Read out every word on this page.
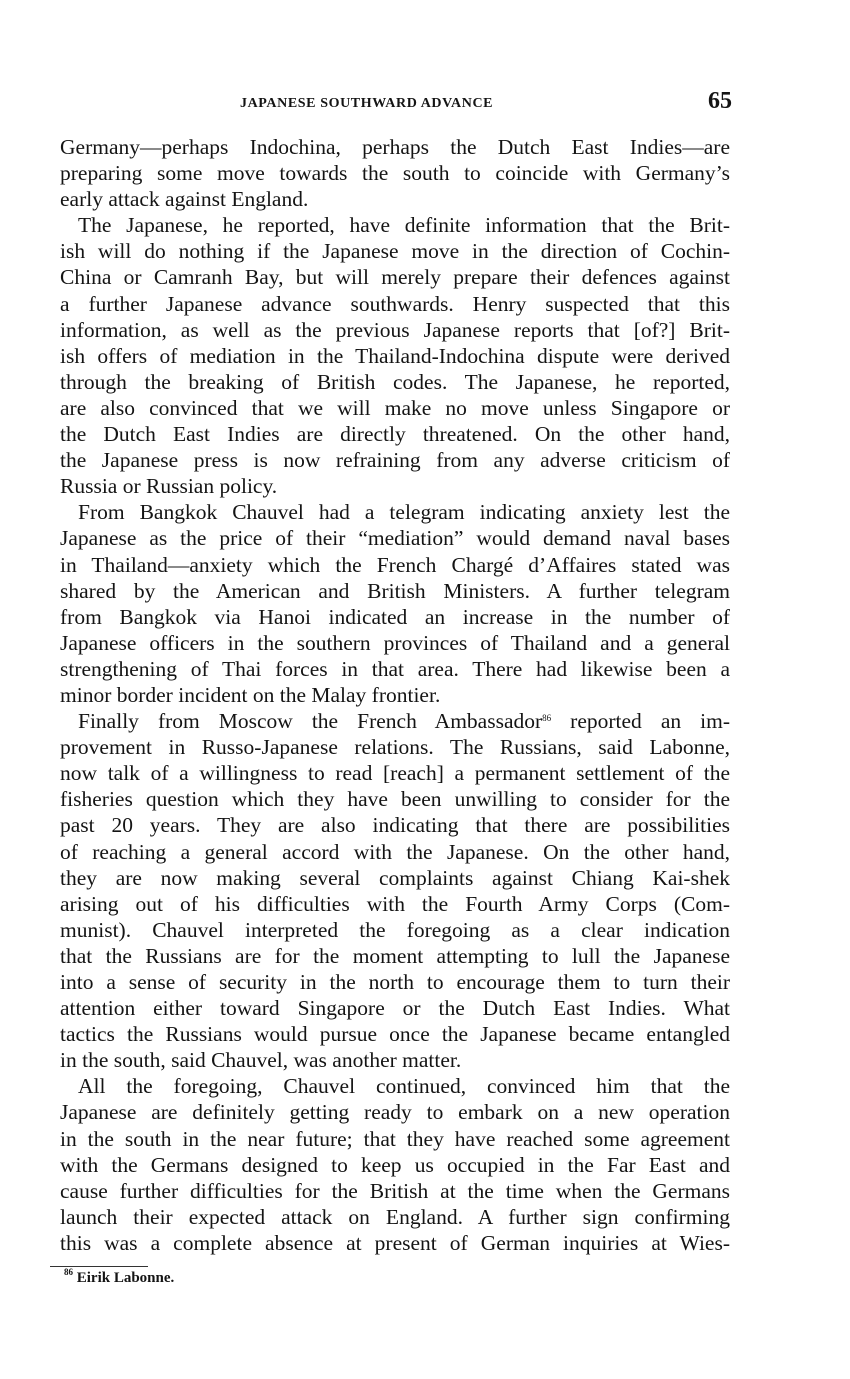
JAPANESE SOUTHWARD ADVANCE	65
Germany—perhaps Indochina, perhaps the Dutch East Indies—are
preparing some move towards the south to coincide with Germany’s
early attack against England.
The Japanese, he reported, have definite information that the Brit-
ish will do nothing if the Japanese move in the direction of Cochin-
China or Camranh Bay, but will merely prepare their defences against
a further Japanese advance southwards. Henry suspected that this
information, as well as the previous Japanese reports that [of?] Brit-
ish offers of mediation in the Thailand-Indochina dispute were derived
through the breaking of British codes. The Japanese, he reported,
are also convinced that we will make no move unless Singapore or
the Dutch East Indies are directly threatened. On the other hand,
the Japanese press is now refraining from any adverse criticism of
Russia or Russian policy.
From Bangkok Chauvel had a telegram indicating anxiety lest the
Japanese as the price of their “mediation” would demand naval bases
in Thailand—anxiety which the French Chargé d’Affaires stated was
shared by the American and British Ministers. A further telegram
from Bangkok via Hanoi indicated an increase in the number of
Japanese officers in the southern provinces of Thailand and a general
strengthening of Thai forces in that area. There had likewise been a
minor border incident on the Malay frontier.
Finally from Moscow the French Ambassador$^{86}$ reported an im-
provement in Russo-Japanese relations. The Russians, said Labonne,
now talk of a willingness to read [reach] a permanent settlement of the
fisheries question which they have been unwilling to consider for the
past 20 years. They are also indicating that there are possibilities
of reaching a general accord with the Japanese. On the other hand,
they are now making several complaints against Chiang Kai-shek
arising out of his difficulties with the Fourth Army Corps (Com-
munist). Chauvel interpreted the foregoing as a clear indication
that the Russians are for the moment attempting to lull the Japanese
into a sense of security in the north to encourage them to turn their
attention either toward Singapore or the Dutch East Indies. What
tactics the Russians would pursue once the Japanese became entangled
in the south, said Chauvel, was another matter.
All the foregoing, Chauvel continued, convinced him that the
Japanese are definitely getting ready to embark on a new operation
in the south in the near future; that they have reached some agreement
with the Germans designed to keep us occupied in the Far East and
cause further difficulties for the British at the time when the Germans
launch their expected attack on England. A further sign confirming
this was a complete absence at present of German inquiries at Wies-
$^{86}$ Eirik Labonne.
